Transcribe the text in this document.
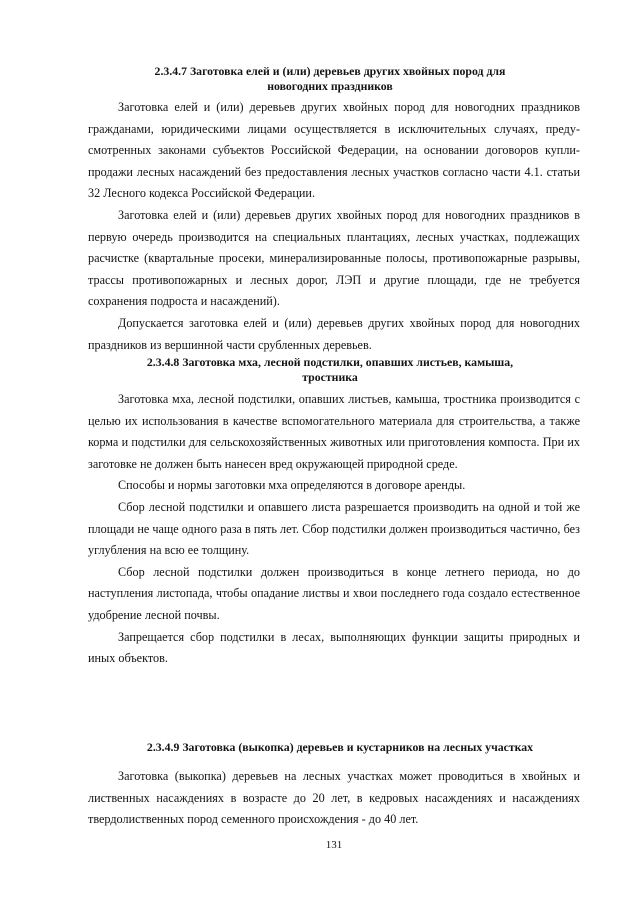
2.3.4.7 Заготовка елей и (или) деревьев других хвойных пород для

новогодних праздников

Заготовка елей и (или) деревьев других хвойных пород для новогодних праздников гражданами, юридическими лицами осуществляется в исключительных случаях, предусмотренных законами субъектов Российской Федерации, на основании договоров купли-продажи лесных насаждений без предоставления лесных участков согласно части 4.1. статьи 32 Лесного кодекса Российской Федерации.

Заготовка елей и (или) деревьев других хвойных пород для новогодних праздников в первую очередь производится на специальных плантациях, лесных участках, подлежащих расчистке (квартальные просеки, минерализированные полосы, противопожарные разрывы, трассы противопожарных и лесных дорог, ЛЭП и другие площади, где не требуется сохранения подроста и насаждений).

Допускается заготовка елей и (или) деревьев других хвойных пород для новогодних праздников из вершинной части срубленных деревьев.

2.3.4.8 Заготовка мха, лесной подстилки, опавших листьев, камыша,

тростника

Заготовка мха, лесной подстилки, опавших листьев, камыша, тростника производится с целью их использования в качестве вспомогательного материала для строительства, а также корма и подстилки для сельскохозяйственных животных или приготовления компоста. При их заготовке не должен быть нанесен вред окружающей природной среде.

Способы и нормы заготовки мха определяются в договоре аренды.

Сбор лесной подстилки и опавшего листа разрешается производить на одной и той же площади не чаще одного раза в пять лет. Сбор подстилки должен производиться частично, без углубления на всю ее толщину.

Сбор лесной подстилки должен производиться в конце летнего периода, но до наступления листопада, чтобы опадание листвы и хвои последнего года создало естественное удобрение лесной почвы.

Запрещается сбор подстилки в лесах, выполняющих функции защиты природных и иных объектов.

2.3.4.9 Заготовка (выкопка) деревьев и кустарников на лесных участках

Заготовка (выкопка) деревьев на лесных участках может проводиться в хвойных и лиственных насаждениях в возрасте до 20 лет, в кедровых насаждениях и насаждениях твердолиственных пород семенного происхождения - до 40 лет.

131
